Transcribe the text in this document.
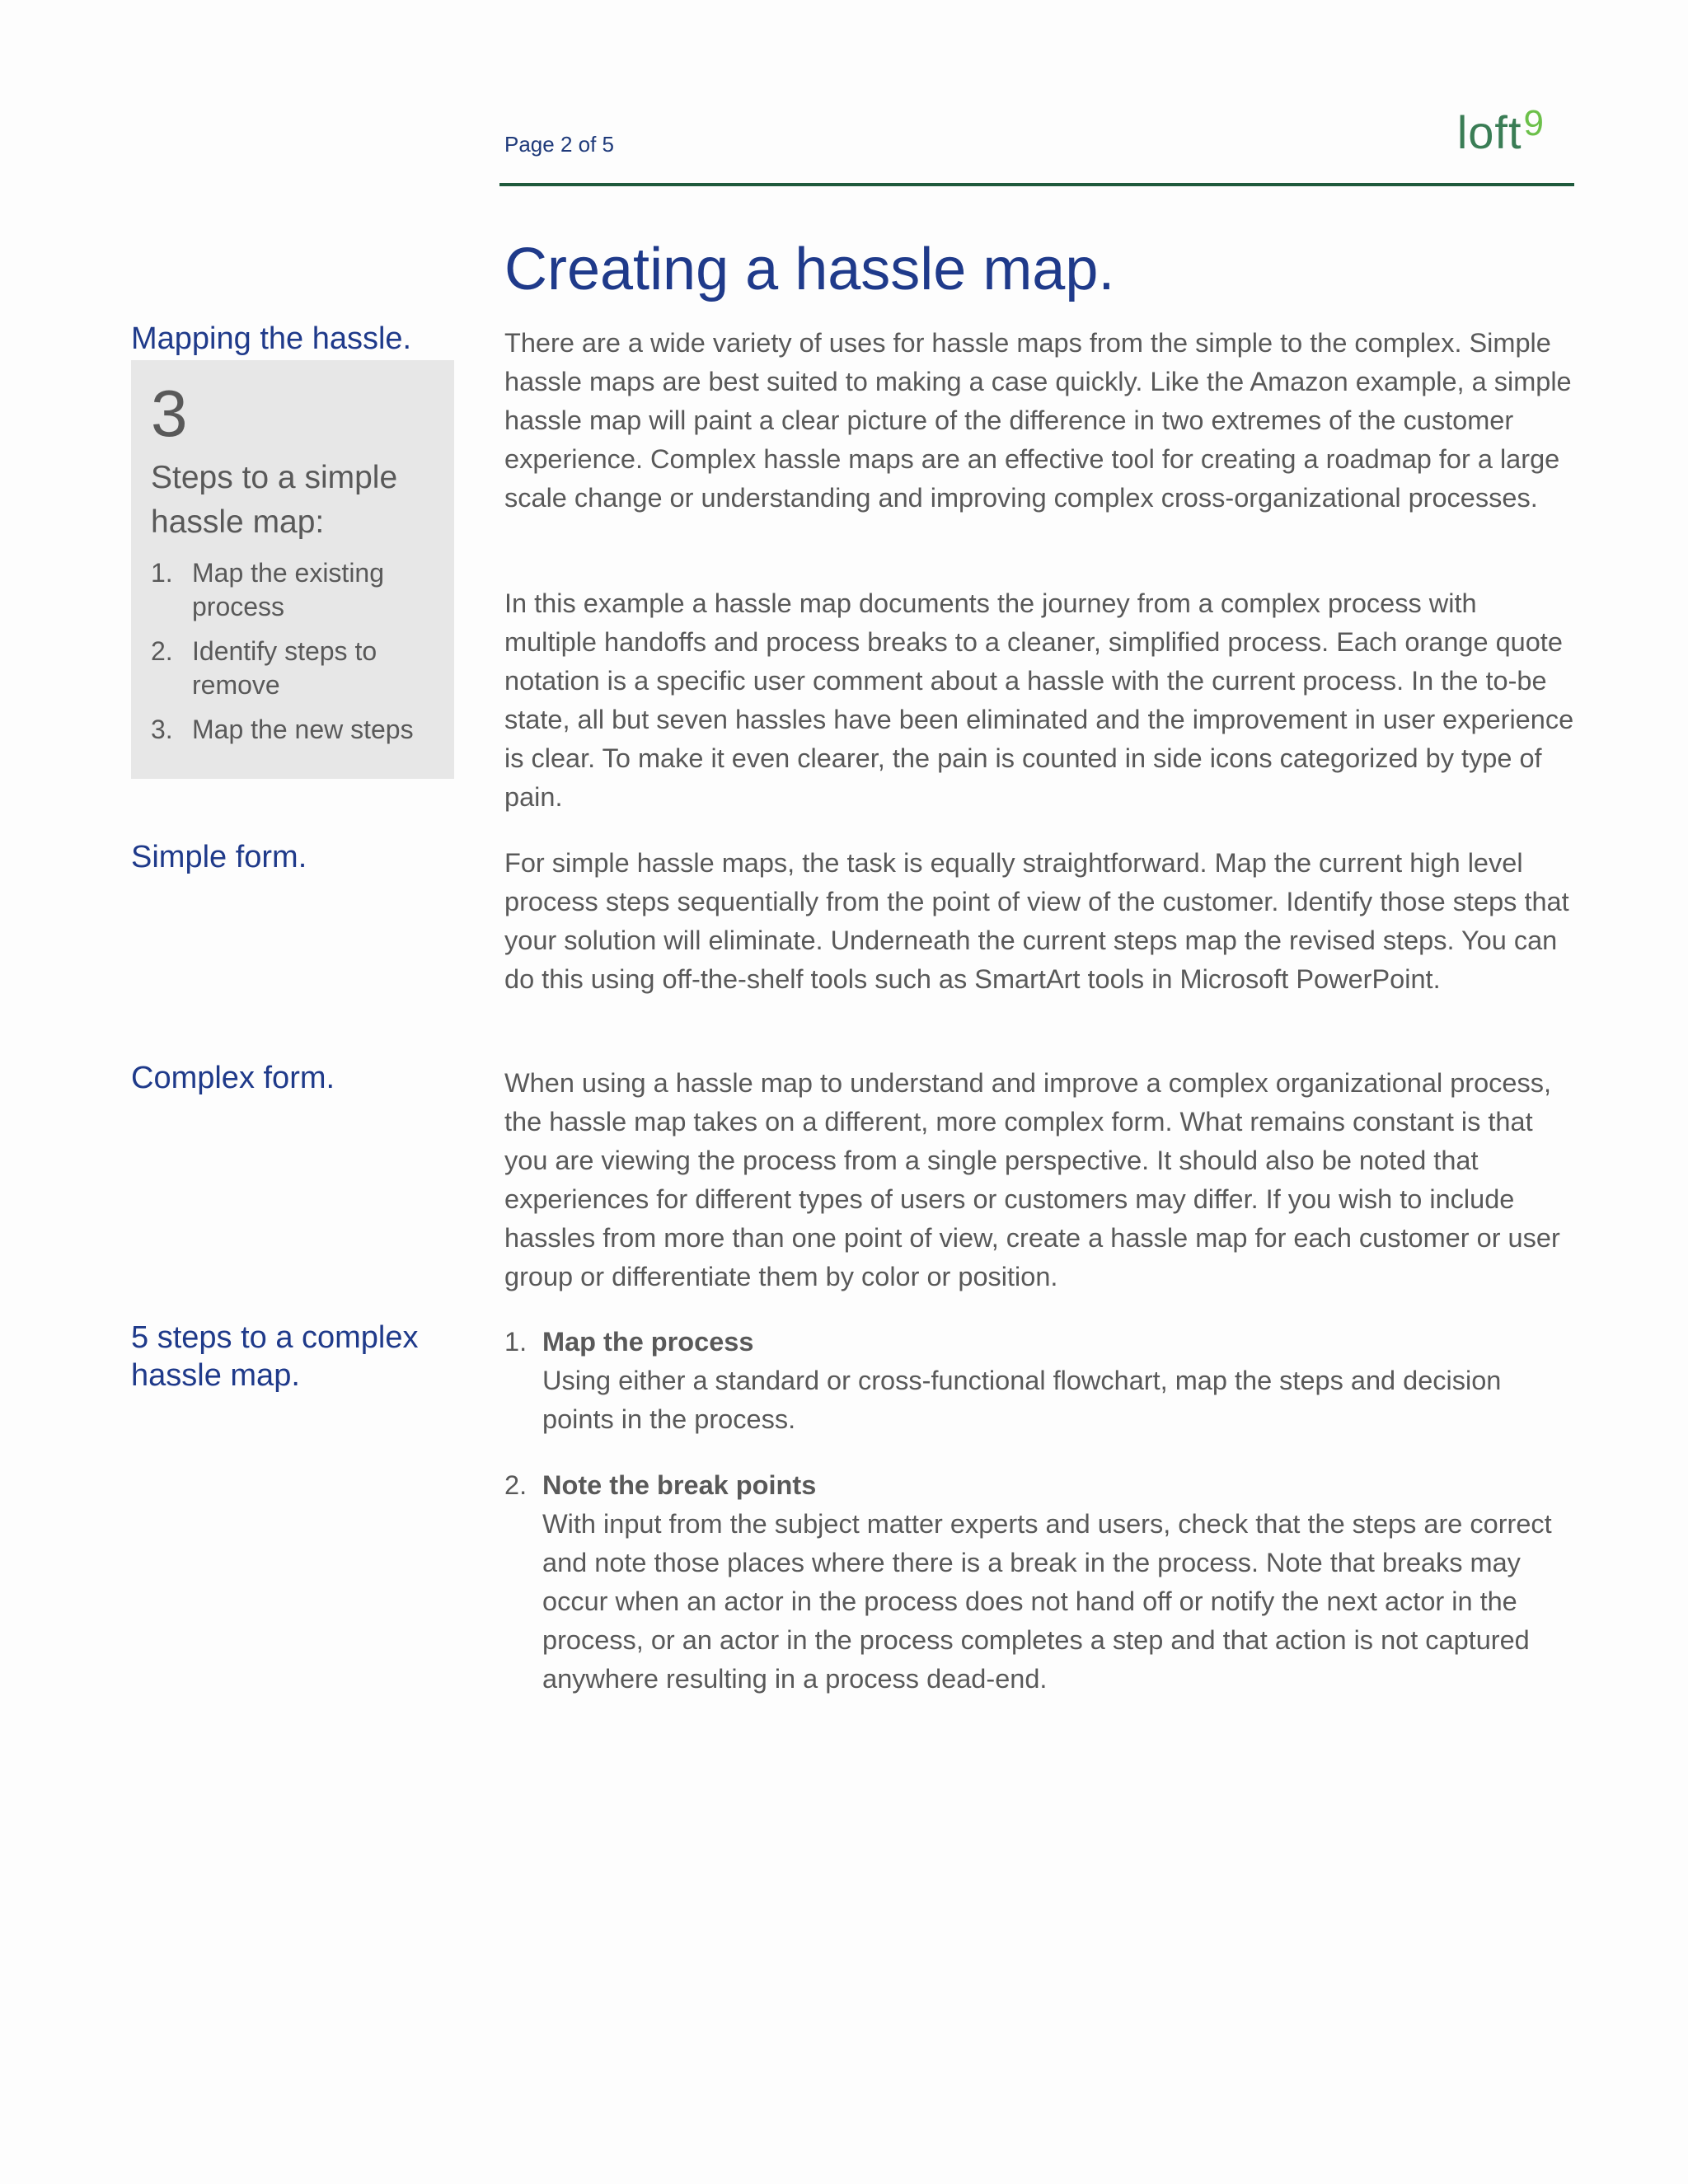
Page 2 of 5	loft$^9$
Creating a hassle map.
Mapping the hassle.
3
Steps to a simple hassle map:
1. Map the existing process
2. Identify steps to remove
3. Map the new steps
Simple form.
Complex form.
5 steps to a complex hassle map.

There are a wide variety of uses for hassle maps from the simple to the complex. Simple hassle maps are best suited to making a case quickly. Like the Amazon example, a simple hassle map will paint a clear picture of the difference in two extremes of the customer experience. Complex hassle maps are an effective tool for creating a roadmap for a large scale change or understanding and improving complex cross-organizational processes.

In this example a hassle map documents the journey from a complex process with multiple handoffs and process breaks to a cleaner, simplified process. Each orange quote notation is a specific user comment about a hassle with the current process. In the to-be state, all but seven hassles have been eliminated and the improvement in user experience is clear. To make it even clearer, the pain is counted in side icons categorized by type of pain.

For simple hassle maps, the task is equally straightforward. Map the current high level process steps sequentially from the point of view of the customer. Identify those steps that your solution will eliminate. Underneath the current steps map the revised steps. You can do this using off-the-shelf tools such as SmartArt tools in Microsoft PowerPoint.

When using a hassle map to understand and improve a complex organizational process, the hassle map takes on a different, more complex form. What remains constant is that you are viewing the process from a single perspective. It should also be noted that experiences for different types of users or customers may differ. If you wish to include hassles from more than one point of view, create a hassle map for each customer or user group or differentiate them by color or position.

1. Map the process
Using either a standard or cross-functional flowchart, map the steps and decision points in the process.
2. Note the break points
With input from the subject matter experts and users, check that the steps are correct and note those places where there is a break in the process. Note that breaks may occur when an actor in the process does not hand off or notify the next actor in the process, or an actor in the process completes a step and that action is not captured anywhere resulting in a process dead-end.
